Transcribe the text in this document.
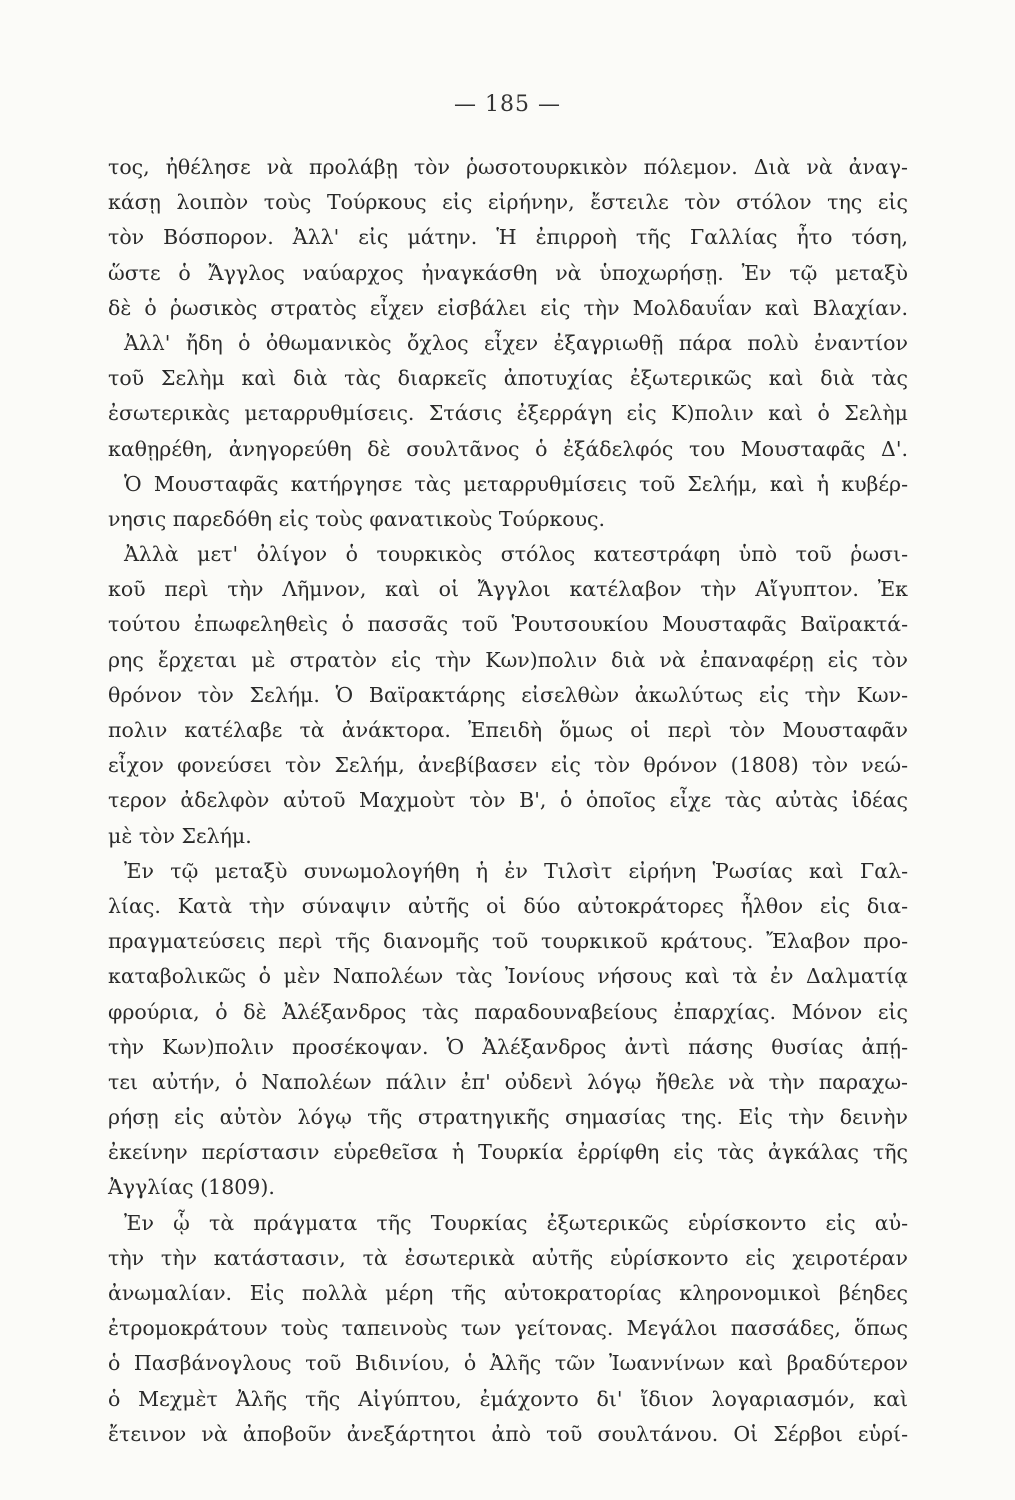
— 185 —
τος, ἠθέλησε νὰ προλάβῃ τὸν ῥωσοτουρκικὸν πόλεμον. Διὰ νὰ ἀναγ-
κάσῃ λοιπὸν τοὺς Τούρκους εἰς εἰρήνην, ἔστειλε τὸν στόλον της εἰς
τὸν Βόσπορον. Ἀλλ' εἰς μάτην. Ἡ ἐπιρροὴ τῆς Γαλλίας ἦτο τόση,
ὥστε ὁ Ἄγγλος ναύαρχος ἠναγκάσθη νὰ ὑποχωρήσῃ. Ἐν τῷ μεταξὺ
δὲ ὁ ῥωσικὸς στρατὸς εἶχεν εἰσβάλει εἰς τὴν Μολδαυΐαν καὶ Βλαχίαν.
Ἀλλ' ἤδη ὁ ὀθωμανικὸς ὄχλος εἶχεν ἐξαγριωθῇ πάρα πολὺ ἐναντίον
τοῦ Σελὴμ καὶ διὰ τὰς διαρκεῖς ἀποτυχίας ἐξωτερικῶς καὶ διὰ τὰς
ἐσωτερικὰς μεταρρυθμίσεις. Στάσις ἐξερράγη εἰς Κ)πολιν καὶ ὁ Σελὴμ
καθῃρέθη, ἀνηγορεύθη δὲ σουλτᾶνος ὁ ἐξάδελφός του Μουσταφᾶς Δ'.
Ὁ Μουσταφᾶς κατήργησε τὰς μεταρρυθμίσεις τοῦ Σελήμ, καὶ ἡ κυβέρ-
νησις παρεδόθη εἰς τοὺς φανατικοὺς Τούρκους.
Ἀλλὰ μετ' ὀλίγον ὁ τουρκικὸς στόλος κατεστράφη ὑπὸ τοῦ ῥωσι-
κοῦ περὶ τὴν Λῆμνον, καὶ οἱ Ἄγγλοι κατέλαβον τὴν Αἴγυπτον. Ἐκ
τούτου ἐπωφεληθεὶς ὁ πασσᾶς τοῦ Ῥουτσουκίου Μουσταφᾶς Βαϊρακτά-
ρης ἔρχεται μὲ στρατὸν εἰς τὴν Κων)πολιν διὰ νὰ ἐπαναφέρῃ εἰς τὸν
θρόνον τὸν Σελήμ. Ὁ Βαϊρακτάρης εἰσελθὼν ἀκωλύτως εἰς τὴν Κων-
πολιν κατέλαβε τὰ ἀνάκτορα. Ἐπειδὴ ὅμως οἱ περὶ τὸν Μουσταφᾶν
εἶχον φονεύσει τὸν Σελήμ, ἀνεβίβασεν εἰς τὸν θρόνον (1808) τὸν νεώ-
τερον ἀδελφὸν αὐτοῦ Μαχμοὺτ τὸν Β', ὁ ὁποῖος εἶχε τὰς αὐτὰς ἰδέας
μὲ τὸν Σελήμ.
Ἐν τῷ μεταξὺ συνωμολογήθη ἡ ἐν Τιλσὶτ εἰρήνη Ῥωσίας καὶ Γαλ-
λίας. Κατὰ τὴν σύναψιν αὐτῆς οἱ δύο αὐτοκράτορες ἦλθον εἰς δια-
πραγματεύσεις περὶ τῆς διανομῆς τοῦ τουρκικοῦ κράτους. Ἔλαβον προ-
καταβολικῶς ὁ μὲν Ναπολέων τὰς Ἰονίους νήσους καὶ τὰ ἐν Δαλματίᾳ
φρούρια, ὁ δὲ Ἀλέξανδρος τὰς παραδουναβείους ἐπαρχίας. Μόνον εἰς
τὴν Κων)πολιν προσέκοψαν. Ὁ Ἀλέξανδρος ἀντὶ πάσης θυσίας ἀπῄ-
τει αὐτήν, ὁ Ναπολέων πάλιν ἐπ' οὐδενὶ λόγῳ ἤθελε νὰ τὴν παραχω-
ρήσῃ εἰς αὐτὸν λόγῳ τῆς στρατηγικῆς σημασίας της. Εἰς τὴν δεινὴν
ἐκείνην περίστασιν εὑρεθεῖσα ἡ Τουρκία ἐρρίφθη εἰς τὰς ἀγκάλας τῆς
Ἀγγλίας (1809).
Ἐν ᾧ τὰ πράγματα τῆς Τουρκίας ἐξωτερικῶς εὑρίσκοντο εἰς αὐ-
τὴν τὴν κατάστασιν, τὰ ἐσωτερικὰ αὐτῆς εὑρίσκοντο εἰς χειροτέραν
ἀνωμαλίαν. Εἰς πολλὰ μέρη τῆς αὐτοκρατορίας κληρονομικοὶ βέηδες
ἐτρομοκράτουν τοὺς ταπεινοὺς των γείτονας. Μεγάλοι πασσάδες, ὅπως
ὁ Πασβάνογλους τοῦ Βιδινίου, ὁ Ἀλῆς τῶν Ἰωαννίνων καὶ βραδύτερον
ὁ Μεχμὲτ Ἀλῆς τῆς Αἰγύπτου, ἐμάχοντο δι' ἴδιον λογαριασμόν, καὶ
ἔτεινον νὰ ἀποβοῦν ἀνεξάρτητοι ἀπὸ τοῦ σουλτάνου. Οἱ Σέρβοι εὑρί-
